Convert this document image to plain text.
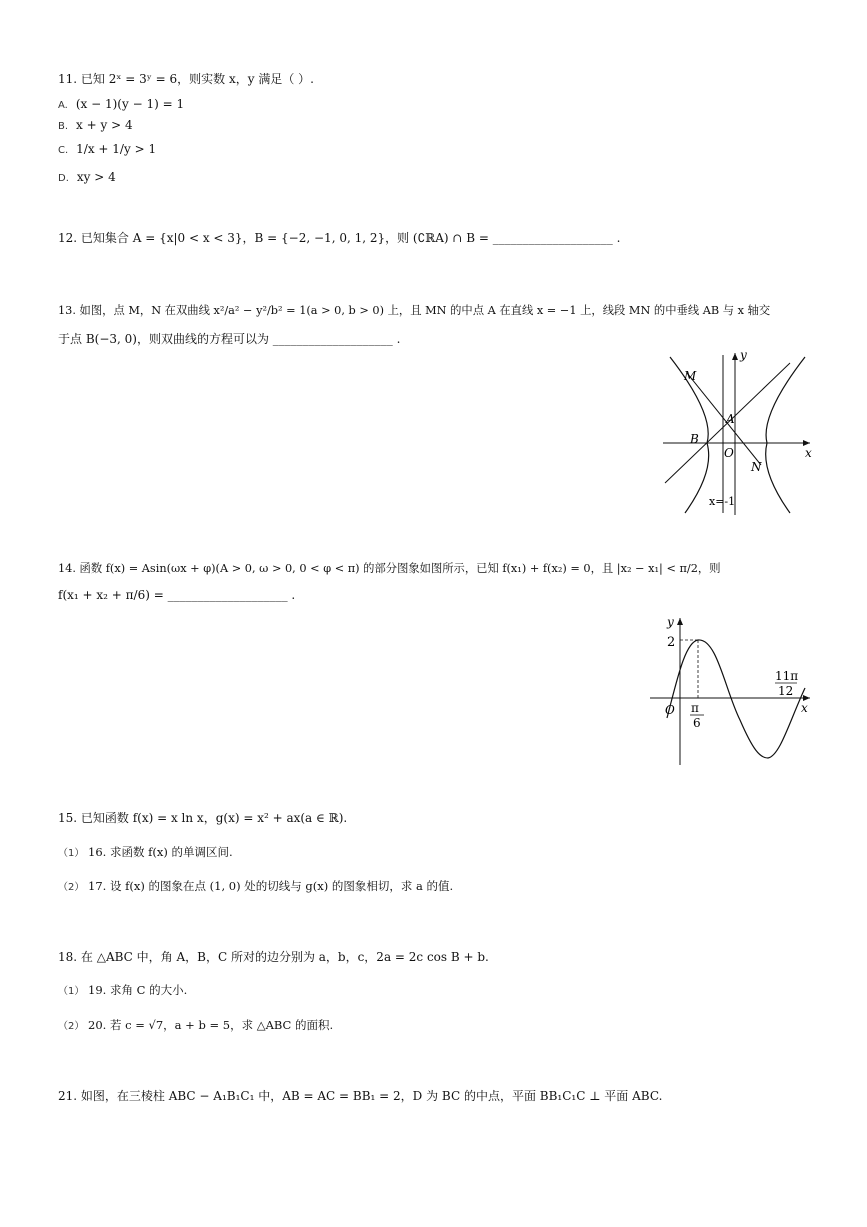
11. 已知 2ˣ = 3ʸ = 6，则实数 x，y 满足（ ）.
A. (x − 1)(y − 1) = 1
B. x + y > 4
C. 1/x + 1/y > 1
D. xy > 4
12. 已知集合 A = {x|0 < x < 3}，B = {−2, −1, 0, 1, 2}，则 (∁ℝA) ∩ B = ____________________ .
13. 如图，点 M，N 在双曲线 x²/a² − y²/b² = 1(a > 0, b > 0) 上，且 MN 的中点 A 在直线 x = −1 上，线段 MN 的中垂线 AB 与 x 轴交
于点 B(−3, 0)，则双曲线的方程可以为 ____________________ .
y
x
M
A
B
O
N
x=-1
14. 函数 f(x) = Asin(ωx + φ)(A > 0, ω > 0, 0 < φ < π) 的部分图象如图所示，已知 f(x₁) + f(x₂) = 0，且 |x₂ − x₁| < π/2，则
f(x₁ + x₂ + π/6) = ____________________ .
y
x
2
O π
6
11π
12
15. 已知函数 f(x) = x ln x，g(x) = x² + ax(a ∈ ℝ).
（1） 16. 求函数 f(x) 的单调区间.
（2） 17. 设 f(x) 的图象在点 (1, 0) 处的切线与 g(x) 的图象相切，求 a 的值.
18. 在 △ABC 中，角 A，B，C 所对的边分别为 a，b，c，2a = 2c cos B + b.
（1） 19. 求角 C 的大小.
（2） 20. 若 c = √7，a + b = 5，求 △ABC 的面积.
21. 如图，在三棱柱 ABC − A₁B₁C₁ 中，AB = AC = BB₁ = 2，D 为 BC 的中点，平面 BB₁C₁C ⊥ 平面 ABC.
